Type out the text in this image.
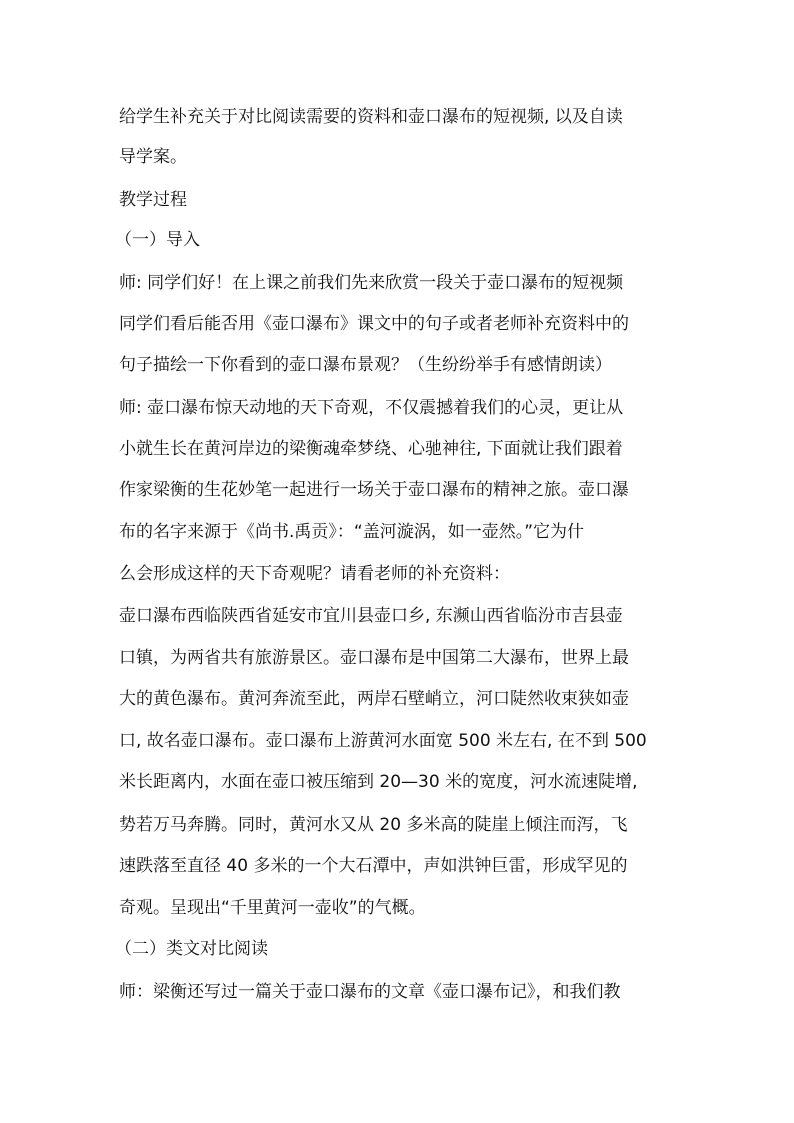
给学生补充关于对比阅读需要的资料和壶口瀑布的短视频, 以及自读
导学案。
教学过程
（一）导入
师: 同学们好！在上课之前我们先来欣赏一段关于壶口瀑布的短视频
同学们看后能否用《壶口瀑布》课文中的句子或者老师补充资料中的
句子描绘一下你看到的壶口瀑布景观？（生纷纷举手有感情朗读）
师: 壶口瀑布惊天动地的天下奇观，不仅震撼着我们的心灵，更让从
小就生长在黄河岸边的梁衡魂牵梦绕、心驰神往, 下面就让我们跟着
作家梁衡的生花妙笔一起进行一场关于壶口瀑布的精神之旅。壶口瀑
布的名字来源于《尚书.禹贡》：“盖河漩涡，如一壶然。”它为什
么会形成这样的天下奇观呢？请看老师的补充资料：
壶口瀑布西临陕西省延安市宜川县壶口乡, 东濒山西省临汾市吉县壶
口镇，为两省共有旅游景区。壶口瀑布是中国第二大瀑布，世界上最
大的黄色瀑布。黄河奔流至此，两岸石壁峭立，河口陡然收束狭如壶
口, 故名壶口瀑布。壶口瀑布上游黄河水面宽 500 米左右, 在不到 500
米长距离内，水面在壶口被压缩到 20—30 米的宽度，河水流速陡增,
势若万马奔腾。同时，黄河水又从 20 多米高的陡崖上倾注而泻，飞
速跌落至直径 40 多米的一个大石潭中，声如洪钟巨雷，形成罕见的
奇观。呈现出“千里黄河一壶收”的气概。
（二）类文对比阅读
师：梁衡还写过一篇关于壶口瀑布的文章《壶口瀑布记》，和我们教
